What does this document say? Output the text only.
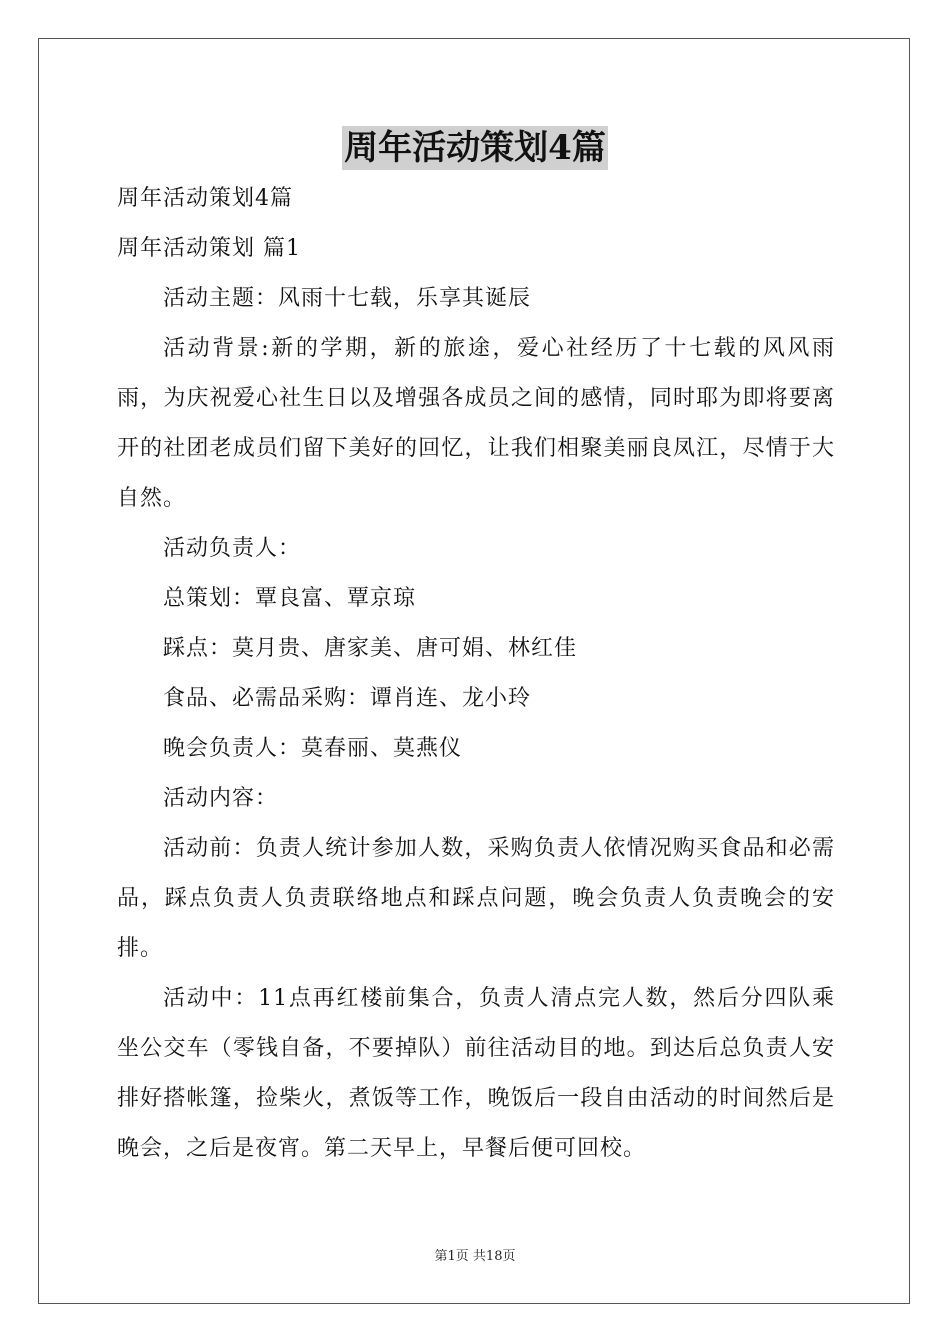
周年活动策划4篇

周年活动策划4篇

周年活动策划 篇1

活动主题：风雨十七载，乐享其诞辰

活动背景:新的学期，新的旅途，爱心社经历了十七载的风风雨雨，为庆祝爱心社生日以及增强各成员之间的感情，同时耶为即将要离开的社团老成员们留下美好的回忆，让我们相聚美丽良凤江，尽情于大自然。

活动负责人：

总策划：覃良富、覃京琼

踩点：莫月贵、唐家美、唐可娟、林红佳

食品、必需品采购：谭肖连、龙小玲

晚会负责人：莫春丽、莫燕仪

活动内容：

活动前：负责人统计参加人数，采购负责人依情况购买食品和必需品，踩点负责人负责联络地点和踩点问题，晚会负责人负责晚会的安排。

活动中：11点再红楼前集合，负责人清点完人数，然后分四队乘坐公交车（零钱自备，不要掉队）前往活动目的地。到达后总负责人安排好搭帐篷，捡柴火，煮饭等工作，晚饭后一段自由活动的时间然后是晚会，之后是夜宵。第二天早上，早餐后便可回校。

第1页 共18页
